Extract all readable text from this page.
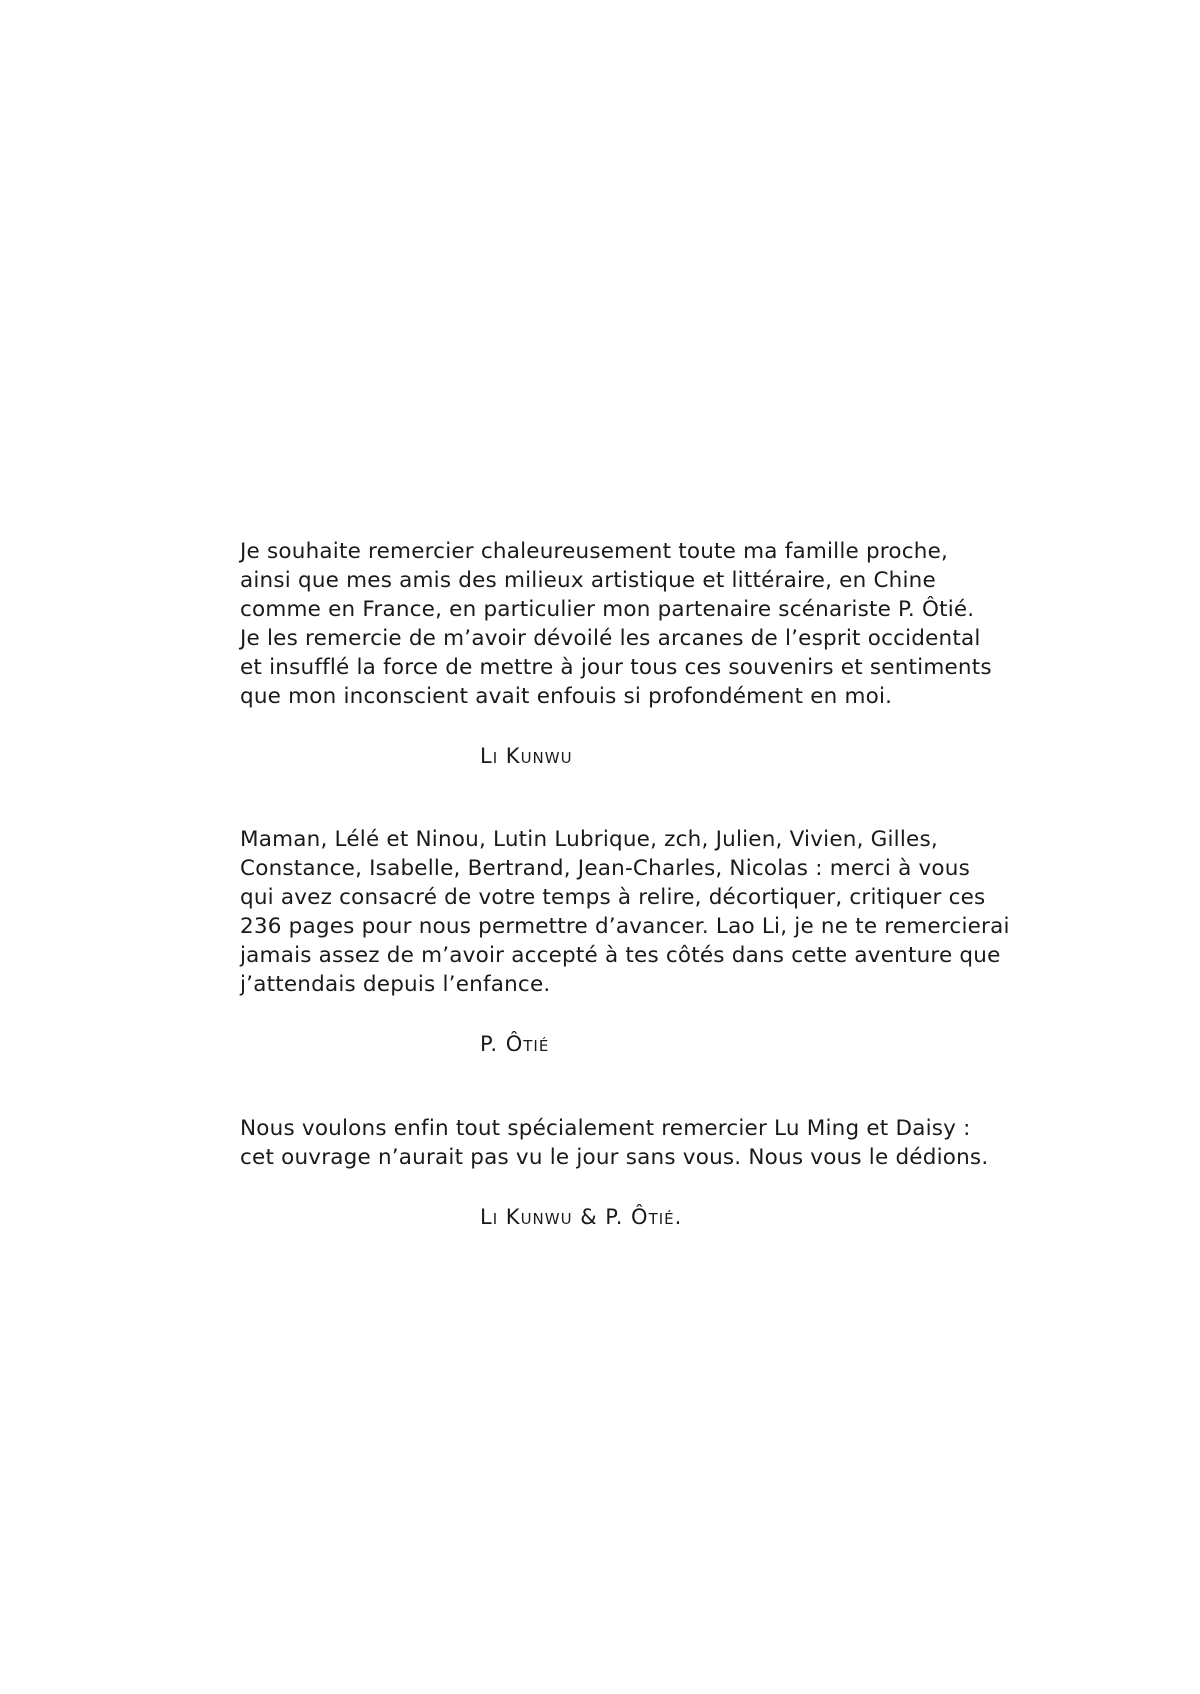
Je souhaite remercier chaleureusement toute ma famille proche,
ainsi que mes amis des milieux artistique et littéraire, en Chine
comme en France, en particulier mon partenaire scénariste P. Ôtié.
Je les remercie de m’avoir dévoilé les arcanes de l’esprit occidental
et insufflé la force de mettre à jour tous ces souvenirs et sentiments
que mon inconscient avait enfouis si profondément en moi.
Li Kunwu
Maman, Lélé et Ninou, Lutin Lubrique, zch, Julien, Vivien, Gilles,
Constance, Isabelle, Bertrand, Jean-Charles, Nicolas : merci à vous
qui avez consacré de votre temps à relire, décortiquer, critiquer ces
236 pages pour nous permettre d’avancer. Lao Li, je ne te remercierai
jamais assez de m’avoir accepté à tes côtés dans cette aventure que
j’attendais depuis l’enfance.
P. Ôtié
Nous voulons enfin tout spécialement remercier Lu Ming et Daisy :
cet ouvrage n’aurait pas vu le jour sans vous. Nous vous le dédions.
Li Kunwu & P. Ôtié.
